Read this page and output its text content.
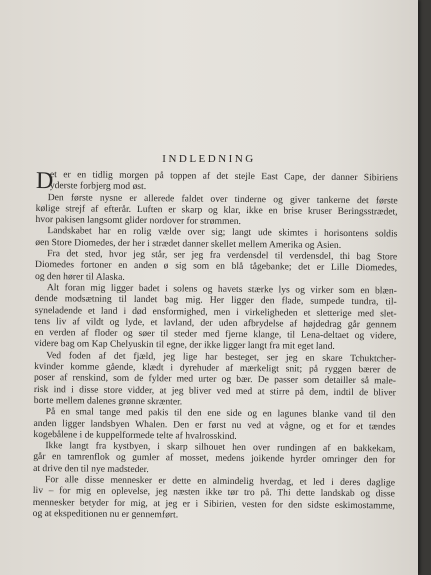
INDLEDNING
D
et er en tidlig morgen på toppen af det stejle East Cape, der danner Sibiriens
yderste forbjerg mod øst.
Den første nysne er allerede faldet over tinderne og giver tankerne det første
kølige strejf af efterår. Luften er skarp og klar, ikke en brise kruser Beringsstrædet,
hvor pakisen langsomt glider nordover for strømmen.
Landskabet har en rolig vælde over sig; langt ude skimtes i horisontens soldis
øen Store Diomedes, der her i strædet danner skellet mellem Amerika og Asien.
Fra det sted, hvor jeg står, ser jeg fra verdensdel til verdensdel, thi bag Store
Diomedes fortoner en anden ø sig som en blå tågebanke; det er Lille Diomedes,
og den hører til Alaska.
Alt foran mig ligger badet i solens og havets stærke lys og virker som en blæn-
dende modsætning til landet bag mig. Her ligger den flade, sumpede tundra, til-
syneladende et land i død ensformighed, men i virkeligheden et sletterige med slet-
tens liv af vildt og lyde, et lavland, der uden afbrydelse af højdedrag går gennem
en verden af floder og søer til steder med fjerne klange, til Lena-deltaet og videre,
videre bag om Kap Chelyuskin til egne, der ikke ligger langt fra mit eget land.
Ved foden af det fjæld, jeg lige har besteget, ser jeg en skare Tchuktcher-
kvinder komme gående, klædt i dyrehuder af mærkeligt snit; på ryggen bærer de
poser af renskind, som de fylder med urter og bær. De passer som detailler så male-
risk ind i disse store vidder, at jeg bliver ved med at stirre på dem, indtil de bliver
borte mellem dalenes grønne skrænter.
På en smal tange med pakis til den ene side og en lagunes blanke vand til den
anden ligger landsbyen Whalen. Den er først nu ved at vågne, og et for et tændes
kogebålene i de kuppelformede telte af hvalrosskind.
Ikke langt fra kystbyen, i skarp silhouet hen over rundingen af en bakkekam,
går en tamrenflok og gumler af mosset, medens joikende hyrder omringer den for
at drive den til nye madsteder.
For alle disse mennesker er dette en almindelig hverdag, et led i deres daglige
liv – for mig en oplevelse, jeg næsten ikke tør tro på. Thi dette landskab og disse
mennesker betyder for mig, at jeg er i Sibirien, vesten for den sidste eskimostamme,
og at ekspeditionen nu er gennemført.
